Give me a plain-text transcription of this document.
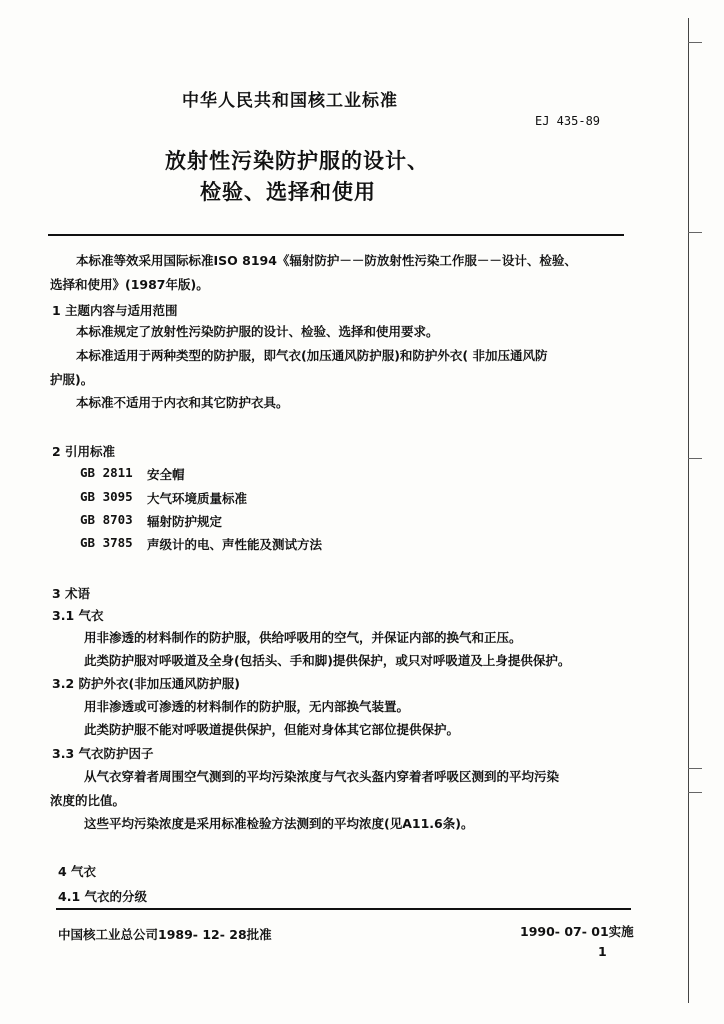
中华人民共和国核工业标准
EJ 435-89
放射性污染防护服的设计、
检验、选择和使用
本标准等效采用国际标准ISO 8194《辐射防护－－防放射性污染工作服－－设计、检验、
选择和使用》(1987年版)。
1 主题内容与适用范围
本标准规定了放射性污染防护服的设计、检验、选择和使用要求。
本标准适用于两种类型的防护服，即气衣(加压通风防护服)和防护外衣( 非加压通风防
护服)。
本标准不适用于内衣和其它防护衣具。
2 引用标准
GB 2811 安全帽
GB 3095 大气环境质量标准
GB 8703 辐射防护规定
GB 3785 声级计的电、声性能及测试方法
3 术语
3.1 气衣
用非渗透的材料制作的防护服，供给呼吸用的空气，并保证内部的换气和正压。
此类防护服对呼吸道及全身(包括头、手和脚)提供保护，或只对呼吸道及上身提供保护。
3.2 防护外衣(非加压通风防护服)
用非渗透或可渗透的材料制作的防护服，无内部换气装置。
此类防护服不能对呼吸道提供保护，但能对身体其它部位提供保护。
3.3 气衣防护因子
从气衣穿着者周围空气测到的平均污染浓度与气衣头盔内穿着者呼吸区测到的平均污染
浓度的比值。
这些平均污染浓度是采用标准检验方法测到的平均浓度(见A11.6条)。
4 气衣
4.1 气衣的分级
中国核工业总公司1989- 12- 28批准	1990- 07- 01实施
1
